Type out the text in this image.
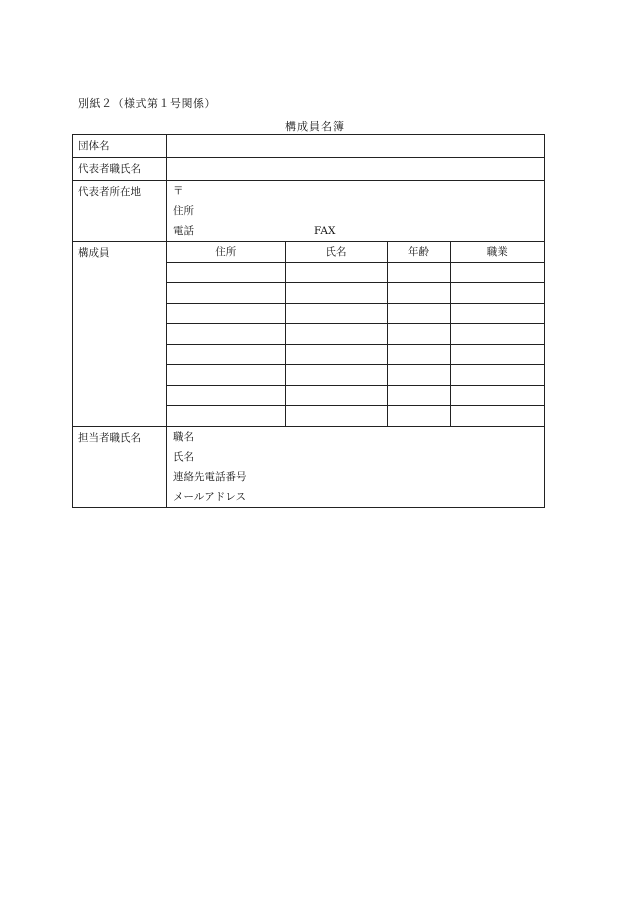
別紙２（様式第１号関係）
構成員名簿
団体名	
代表者職氏名	
代表者所在地	〒
住所
電話	FAX

構成員		住所	氏名	年齢	職業

担当者職氏名	職名
氏名
連絡先電話番号
メールアドレス
